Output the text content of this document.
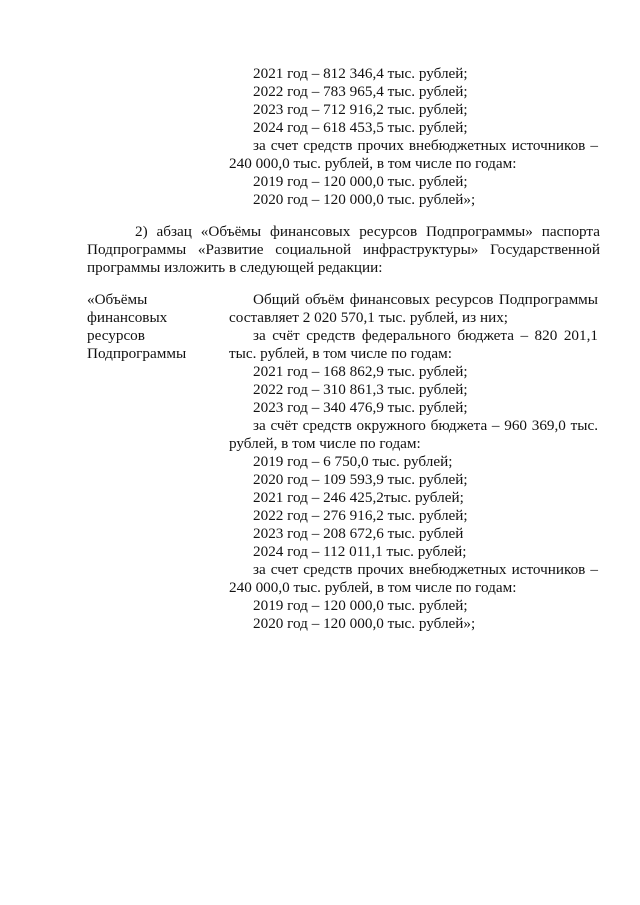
2021 год – 812 346,4 тыс. рублей;
2022 год – 783 965,4 тыс. рублей;
2023 год – 712 916,2 тыс. рублей;
2024 год – 618 453,5 тыс. рублей;
за счет средств прочих внебюджетных источников –
240 000,0 тыс. рублей, в том числе по годам:
2019 год – 120 000,0 тыс. рублей;
2020 год – 120 000,0 тыс. рублей»;
2) абзац «Объёмы финансовых ресурсов Подпрограммы» паспорта
Подпрограммы «Развитие социальной инфраструктуры» Государственной
программы изложить в следующей редакции:
«Объёмы
финансовых
ресурсов
Подпрограммы
Общий объём финансовых ресурсов Подпрограммы
составляет 2 020 570,1 тыс. рублей, из них;
за счёт средств федерального бюджета – 820 201,1
тыс. рублей, в том числе по годам:
2021 год – 168 862,9 тыс. рублей;
2022 год – 310 861,3 тыс. рублей;
2023 год – 340 476,9 тыс. рублей;
за счёт средств окружного бюджета – 960 369,0 тыс.
рублей, в том числе по годам:
2019 год – 6 750,0 тыс. рублей;
2020 год – 109 593,9 тыс. рублей;
2021 год – 246 425,2тыс. рублей;
2022 год – 276 916,2 тыс. рублей;
2023 год – 208 672,6 тыс. рублей
2024 год – 112 011,1 тыс. рублей;
за счет средств прочих внебюджетных источников –
240 000,0 тыс. рублей, в том числе по годам:
2019 год – 120 000,0 тыс. рублей;
2020 год – 120 000,0 тыс. рублей»;
